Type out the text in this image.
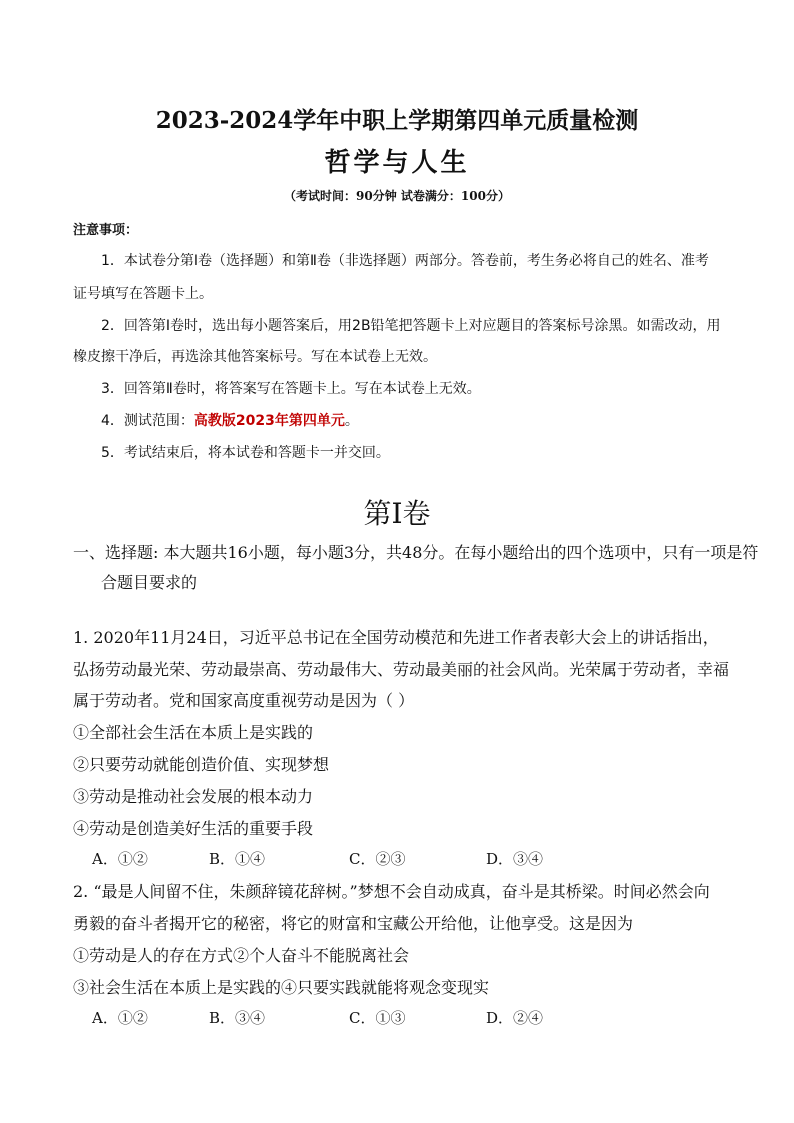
2023-2024学年中职上学期第四单元质量检测
哲学与人生
（考试时间：90分钟 试卷满分：100分）
注意事项：
1．本试卷分第Ⅰ卷（选择题）和第Ⅱ卷（非选择题）两部分。答卷前，考生务必将自己的姓名、准考
证号填写在答题卡上。
2．回答第Ⅰ卷时，选出每小题答案后，用2B铅笔把答题卡上对应题目的答案标号涂黑。如需改动，用
橡皮擦干净后，再选涂其他答案标号。写在本试卷上无效。
3．回答第Ⅱ卷时，将答案写在答题卡上。写在本试卷上无效。
4．测试范围：高教版2023年第四单元。
5．考试结束后，将本试卷和答题卡一并交回。
第Ⅰ卷
一、选择题: 本大题共16小题，每小题3分，共48分。在每小题给出的四个选项中，只有一项是符
合题目要求的
1. 2020年11月24日，习近平总书记在全国劳动模范和先进工作者表彰大会上的讲话指出，
弘扬劳动最光荣、劳动最崇高、劳动最伟大、劳动最美丽的社会风尚。光荣属于劳动者，幸福
属于劳动者。党和国家高度重视劳动是因为（ ）
①全部社会生活在本质上是实践的
②只要劳动就能创造价值、实现梦想
③劳动是推动社会发展的根本动力
④劳动是创造美好生活的重要手段
A．①②	B．①④	C．②③	D．③④
2. “最是人间留不住，朱颜辞镜花辞树。”梦想不会自动成真，奋斗是其桥梁。时间必然会向
勇毅的奋斗者揭开它的秘密，将它的财富和宝藏公开给他，让他享受。这是因为
①劳动是人的存在方式②个人奋斗不能脱离社会
③社会生活在本质上是实践的④只要实践就能将观念变现实
A．①②	B．③④	C．①③	D．②④
